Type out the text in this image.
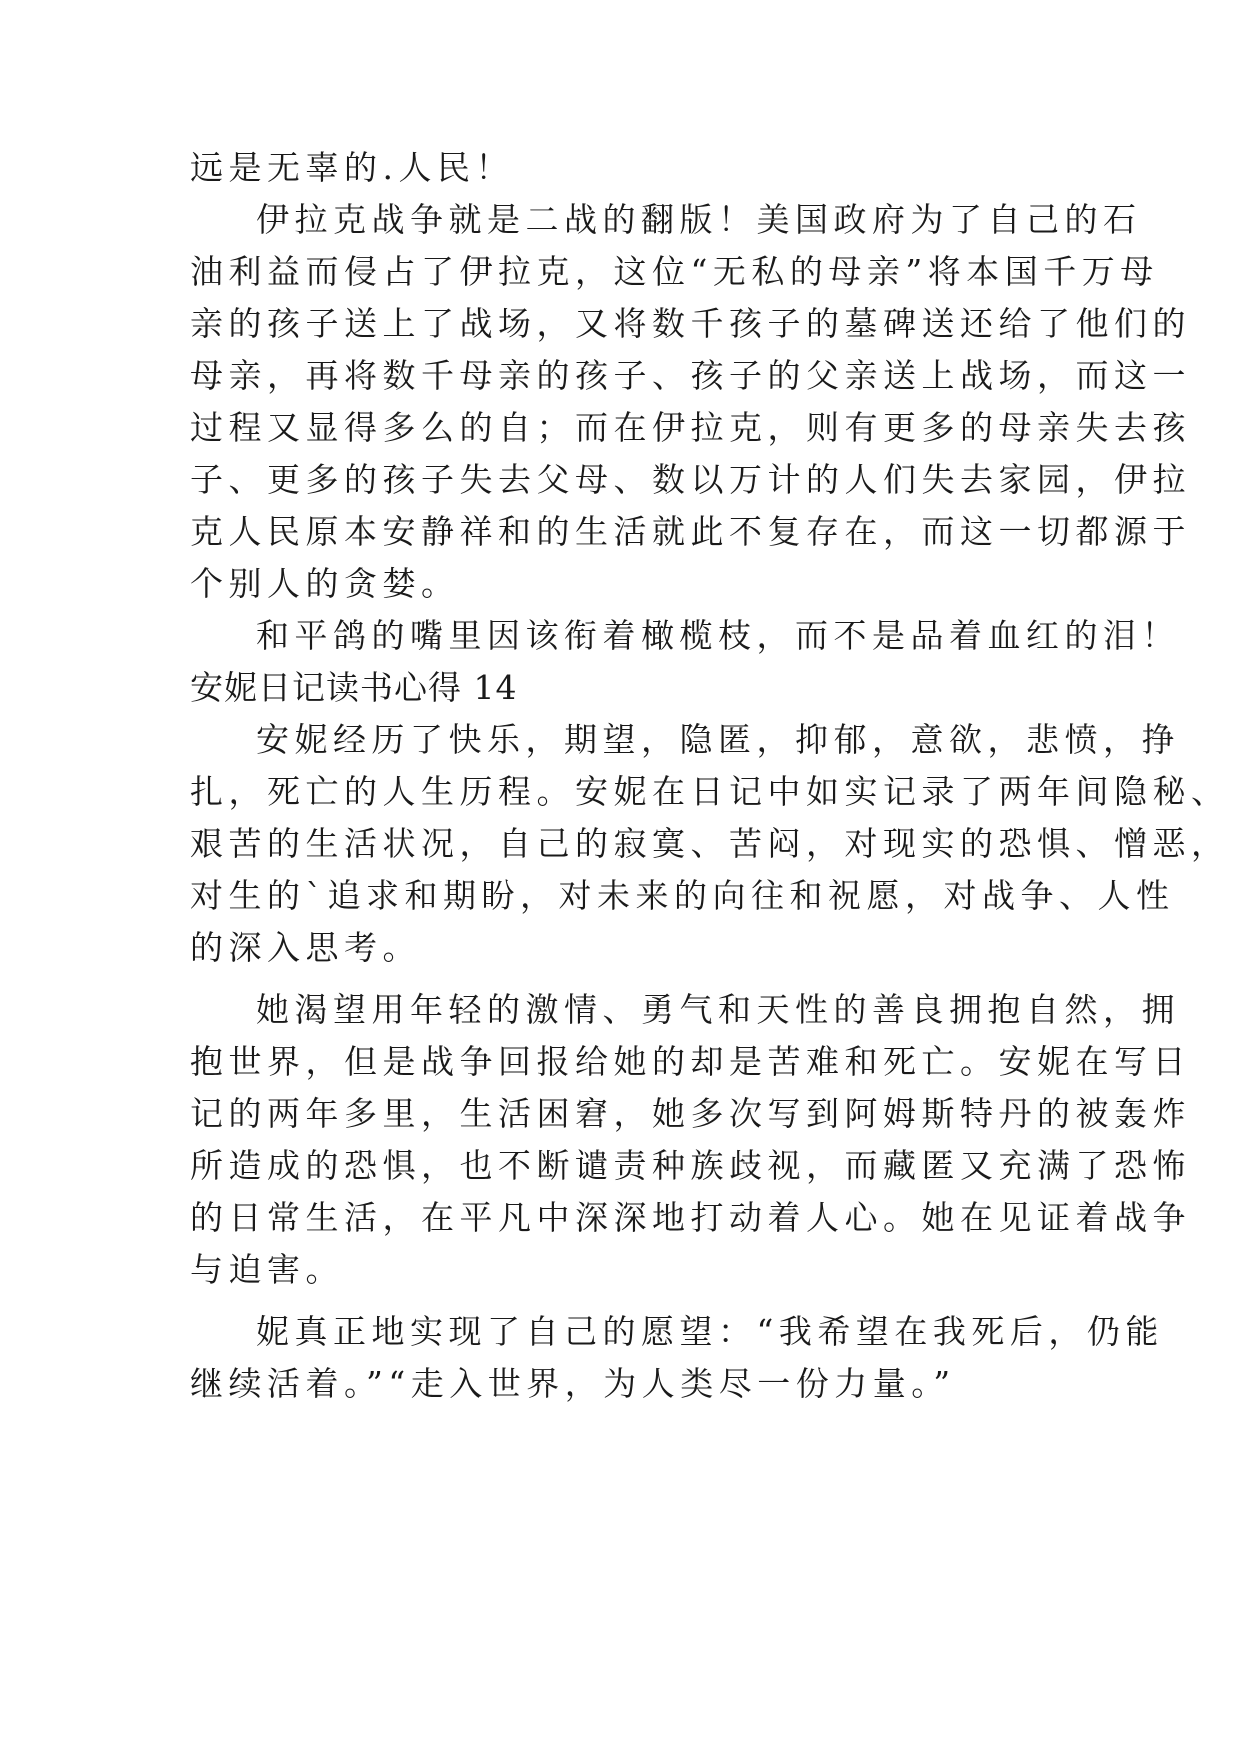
远是无辜的.人民！
伊拉克战争就是二战的翻版！美国政府为了自己的石
油利益而侵占了伊拉克，这位“无私的母亲”将本国千万母
亲的孩子送上了战场，又将数千孩子的墓碑送还给了他们的
母亲，再将数千母亲的孩子、孩子的父亲送上战场，而这一
过程又显得多么的自；而在伊拉克，则有更多的母亲失去孩
子、更多的孩子失去父母、数以万计的人们失去家园，伊拉
克人民原本安静祥和的生活就此不复存在，而这一切都源于
个别人的贪婪。
和平鸽的嘴里因该衔着橄榄枝，而不是品着血红的泪！
安妮日记读书心得 14
安妮经历了快乐，期望，隐匿，抑郁，意欲，悲愤，挣
扎，死亡的人生历程。安妮在日记中如实记录了两年间隐秘、
艰苦的生活状况，自己的寂寞、苦闷，对现实的恐惧、憎恶，
对生的`追求和期盼，对未来的向往和祝愿，对战争、人性
的深入思考。
她渴望用年轻的激情、勇气和天性的善良拥抱自然，拥
抱世界，但是战争回报给她的却是苦难和死亡。安妮在写日
记的两年多里，生活困窘，她多次写到阿姆斯特丹的被轰炸
所造成的恐惧，也不断谴责种族歧视，而藏匿又充满了恐怖
的日常生活，在平凡中深深地打动着人心。她在见证着战争
与迫害。
妮真正地实现了自己的愿望：“我希望在我死后，仍能
继续活着。”“走入世界，为人类尽一份力量。”
